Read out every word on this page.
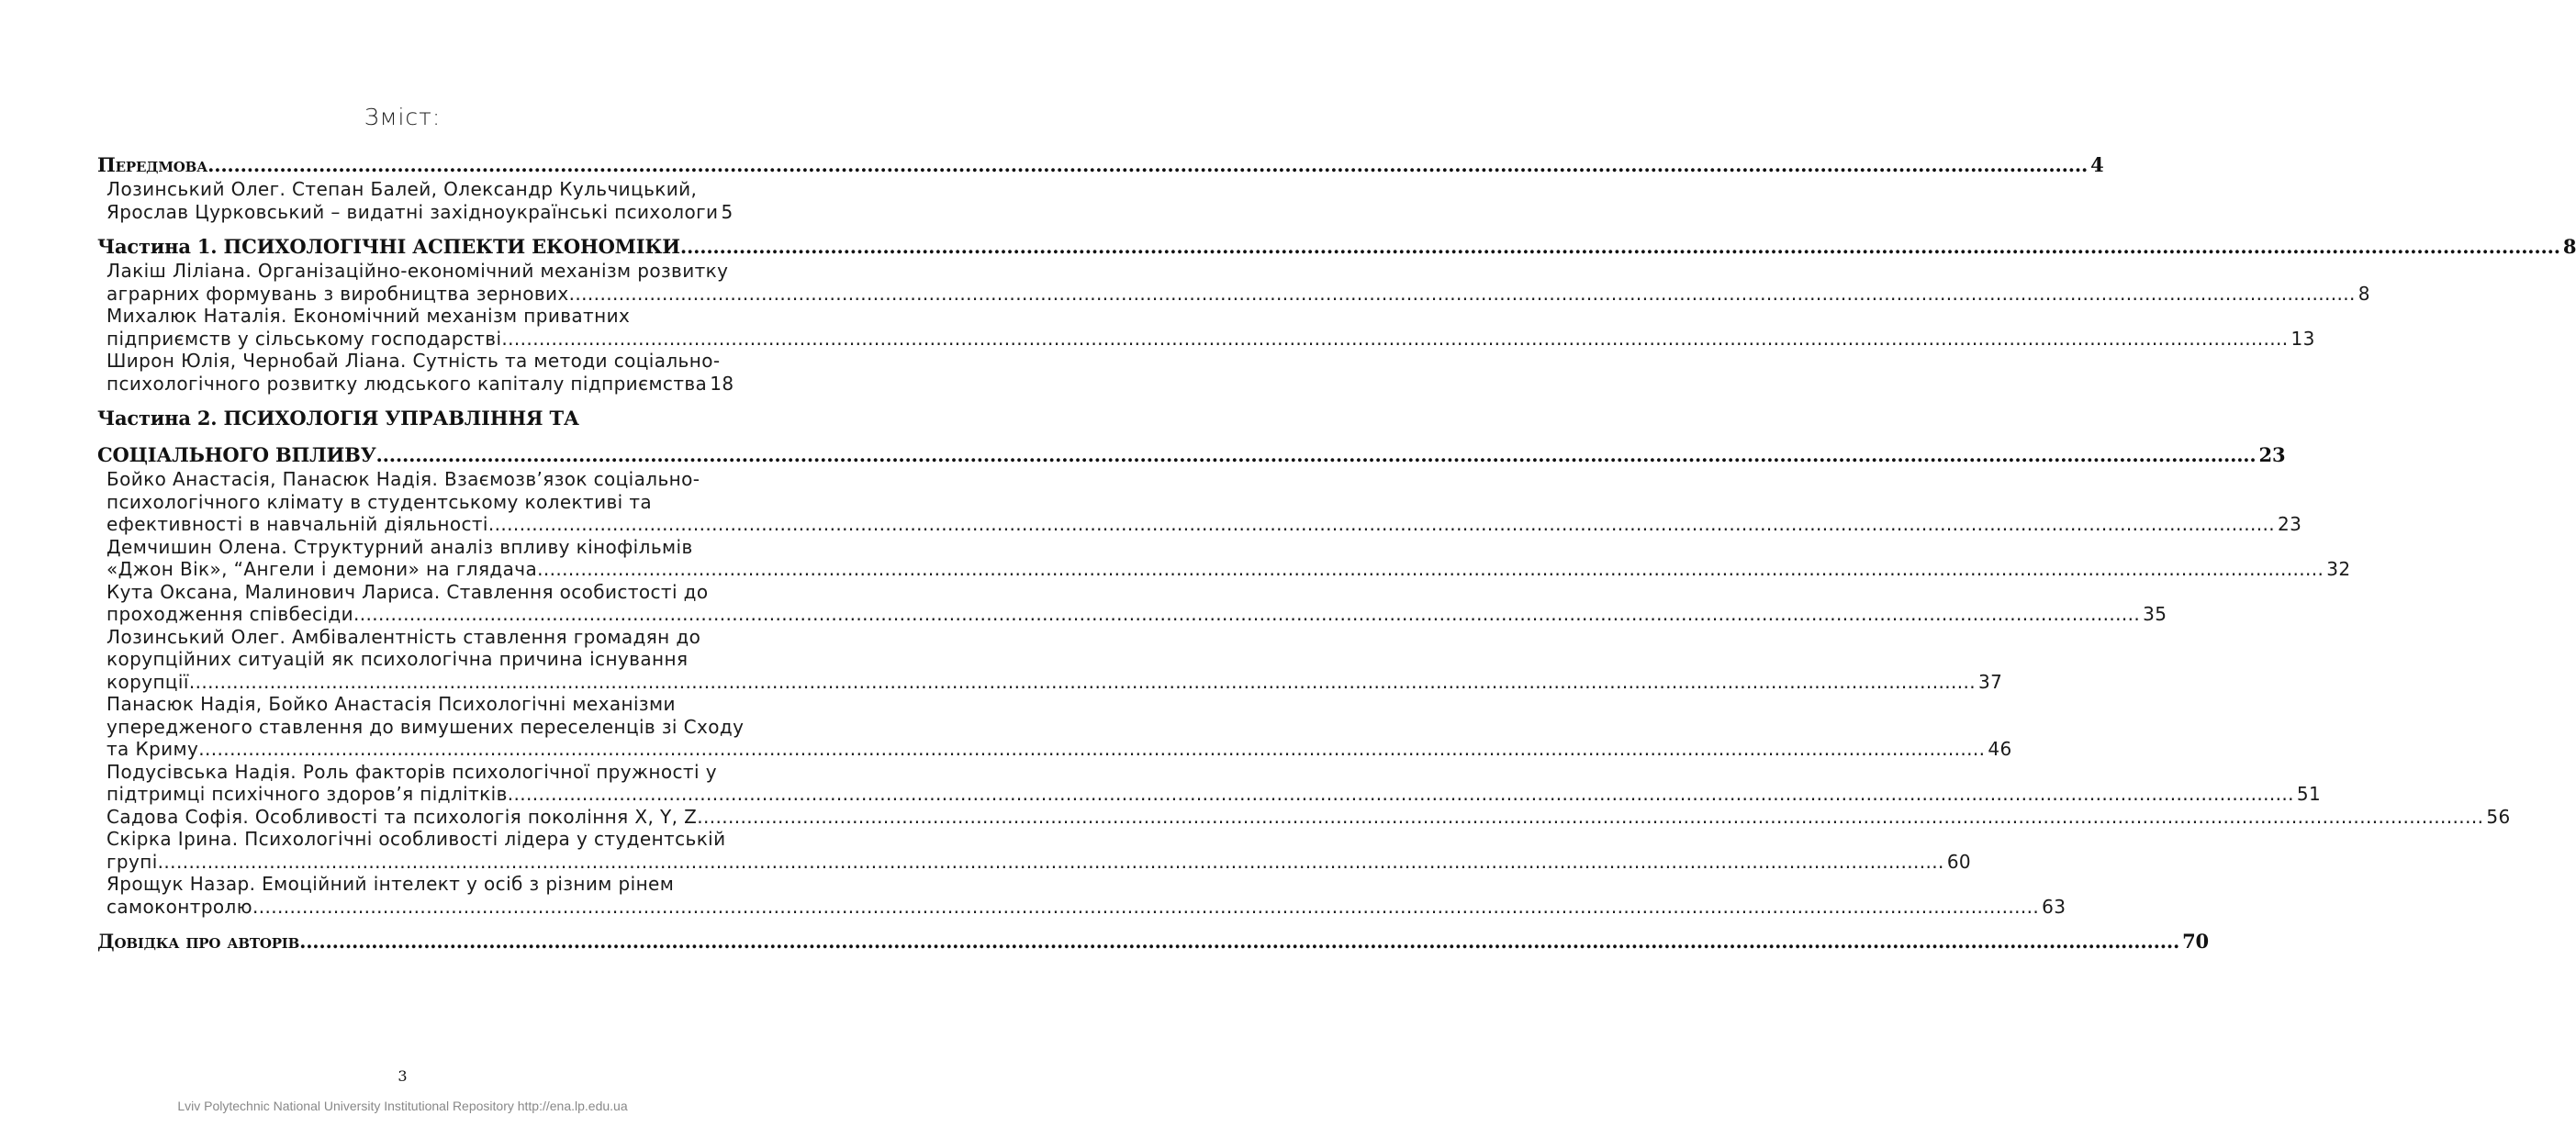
Зміст:
Передмова .....	4
Лозинський Олег. Степан Балей, Олександр Кульчицький,
Ярослав Цурковський – видатні західноукраїнські психологи 5
Частина 1. ПСИХОЛОГІЧНІ АСПЕКТИ ЕКОНОМІКИ .....	8
Лакіш Ліліана. Організаційно-економічний механізм розвитку
аграрних формувань з виробництва зернових .....	8
Михалюк Наталія. Економічний механізм приватних
підприємств у сільському господарстві .....	13
Широн Юлія, Чернобай Ліана. Сутність та методи соціально-
психологічного розвитку людського капіталу підприємства 18
Частина 2. ПСИХОЛОГІЯ УПРАВЛІННЯ ТА
СОЦІАЛЬНОГО ВПЛИВУ .....	23
Бойко Анастасія, Панасюк Надія. Взаємозв’язок соціально-
психологічного клімату в студентському колективі та
ефективності в навчальній діяльності .....	23
Демчишин Олена. Структурний аналіз впливу кінофільмів
«Джон Вік», “Ангели і демони» на глядача .....	32
Кута Оксана, Малинович Лариса. Ставлення особистості до
проходження співбесіди .....	35
Лозинський Олег. Амбівалентність ставлення громадян до
корупційних ситуацій як психологічна причина існування
корупції .....	37
Панасюк Надія, Бойко Анастасія Психологічні механізми
упередженого ставлення до вимушених переселенців зі Сходу
та Криму .....	46
Подусівська Надія. Роль факторів психологічної пружності у
підтримці психічного здоров’я підлітків .....	51
Садова Софія. Особливості та психологія покоління X, Y, Z .....	56
Скірка Ірина. Психологічні особливості лідера у студентській
групі .....	60
Ярощук Назар. Емоційний інтелект у осіб з різним рінем
самоконтролю .....	63
Довідка про авторів .....	70
3
Lviv Polytechnic National University Institutional Repository http://ena.lp.edu.ua
